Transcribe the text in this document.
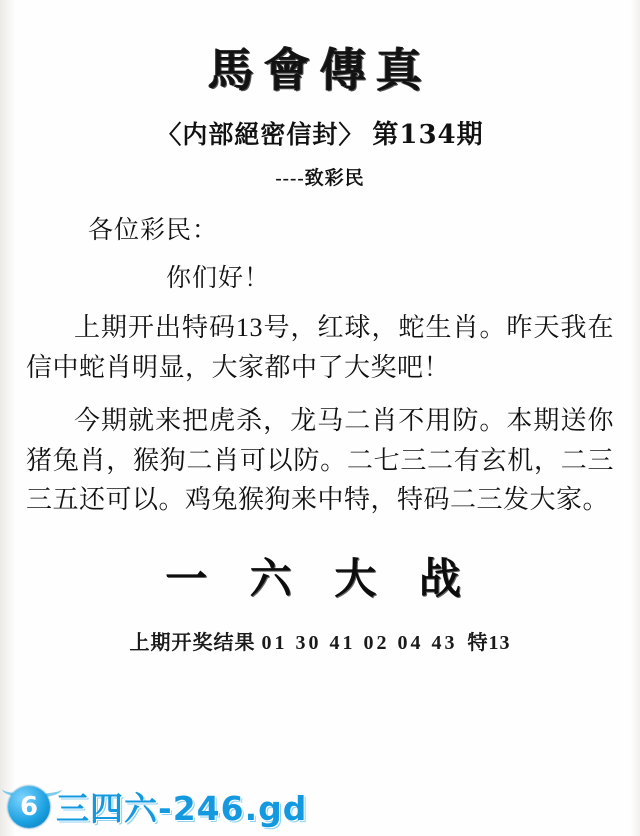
馬會傳真
〈内部絕密信封〉 第134期
----致彩民
各位彩民：
你们好！
上期开出特码13号，红球，蛇生肖。昨天我在信中蛇肖明显，大家都中了大奖吧！
今期就来把虎杀，龙马二肖不用防。本期送你猪兔肖，猴狗二肖可以防。二七三二有玄机，二三三五还可以。鸡兔猴狗来中特，特码二三发大家。
一 六 大 战
上期开奖结果 01 30 41 02 04 43 特13
6 三四六-246.gd
